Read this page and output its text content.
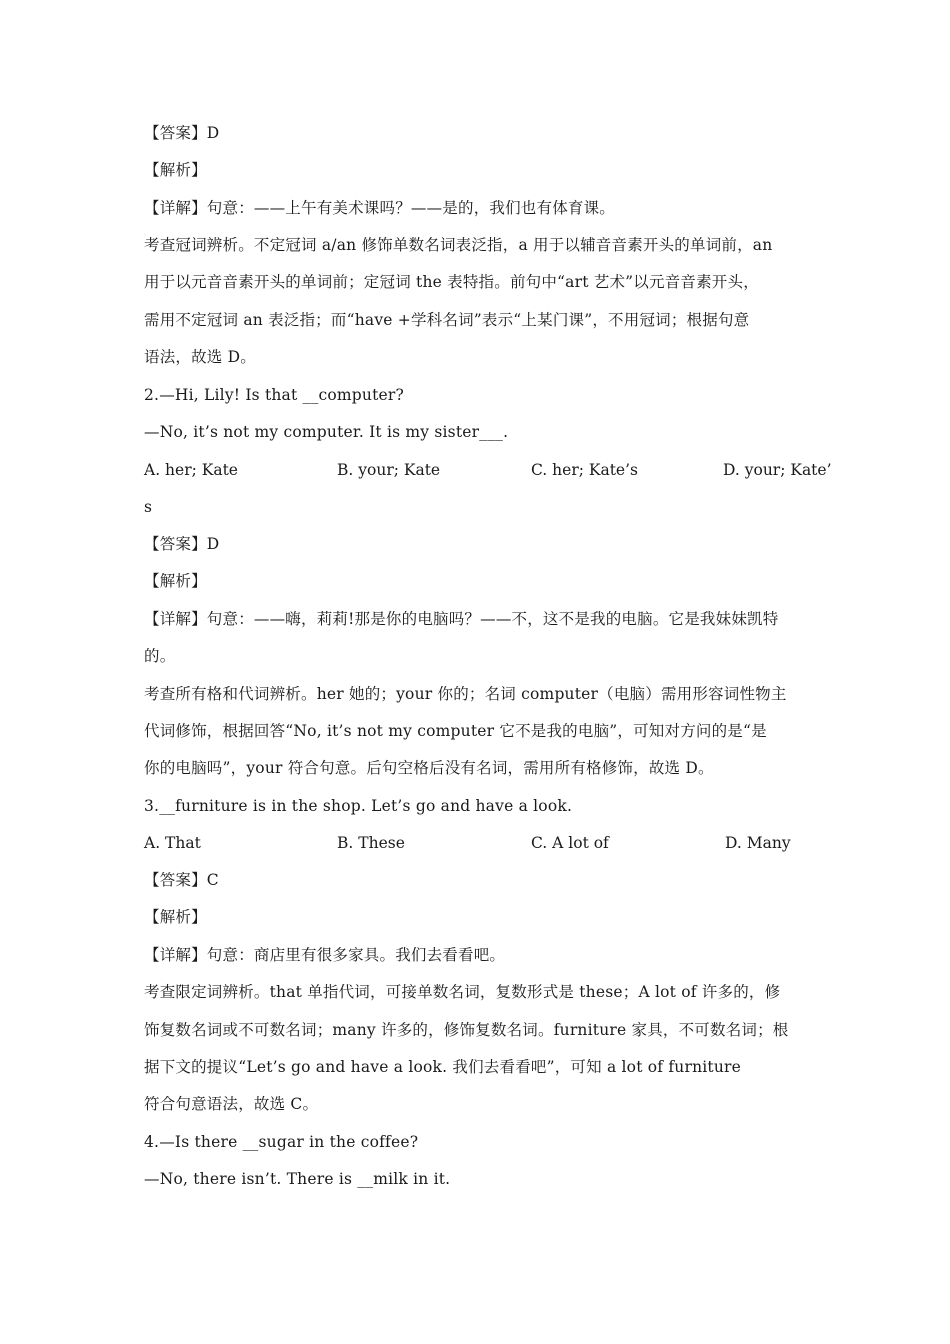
【答案】D
【解析】
【详解】句意：——上午有美术课吗？——是的，我们也有体育课。
考查冠词辨析。不定冠词 a/an 修饰单数名词表泛指，a 用于以辅音音素开头的单词前，an
用于以元音音素开头的单词前；定冠词 the 表特指。前句中“art 艺术”以元音音素开头，
需用不定冠词 an 表泛指；而“have +学科名词”表示“上某门课”，不用冠词；根据句意
语法，故选 D。
2.—Hi, Lily! Is that __computer?
—No, it’s not my computer. It is my sister___.
A. her; Kate	B. your; Kate	C. her; Kate’s	D. your; Kate’
s
【答案】D
【解析】
【详解】句意：——嗨，莉莉!那是你的电脑吗？——不，这不是我的电脑。它是我妹妹凯特
的。
考查所有格和代词辨析。her 她的；your 你的；名词 computer（电脑）需用形容词性物主
代词修饰，根据回答“No, it’s not my computer 它不是我的电脑”，可知对方问的是“是
你的电脑吗”，your 符合句意。后句空格后没有名词，需用所有格修饰，故选 D。
3.__furniture is in the shop. Let’s go and have a look.
A. That	B. These	C. A lot of	D. Many
【答案】C
【解析】
【详解】句意：商店里有很多家具。我们去看看吧。
考查限定词辨析。that 单指代词，可接单数名词，复数形式是 these；A lot of 许多的，修
饰复数名词或不可数名词；many 许多的，修饰复数名词。furniture 家具，不可数名词；根
据下文的提议“Let’s go and have a look. 我们去看看吧”，可知 a lot of furniture
符合句意语法，故选 C。
4.—Is there __sugar in the coffee?
—No, there isn’t. There is __milk in it.
